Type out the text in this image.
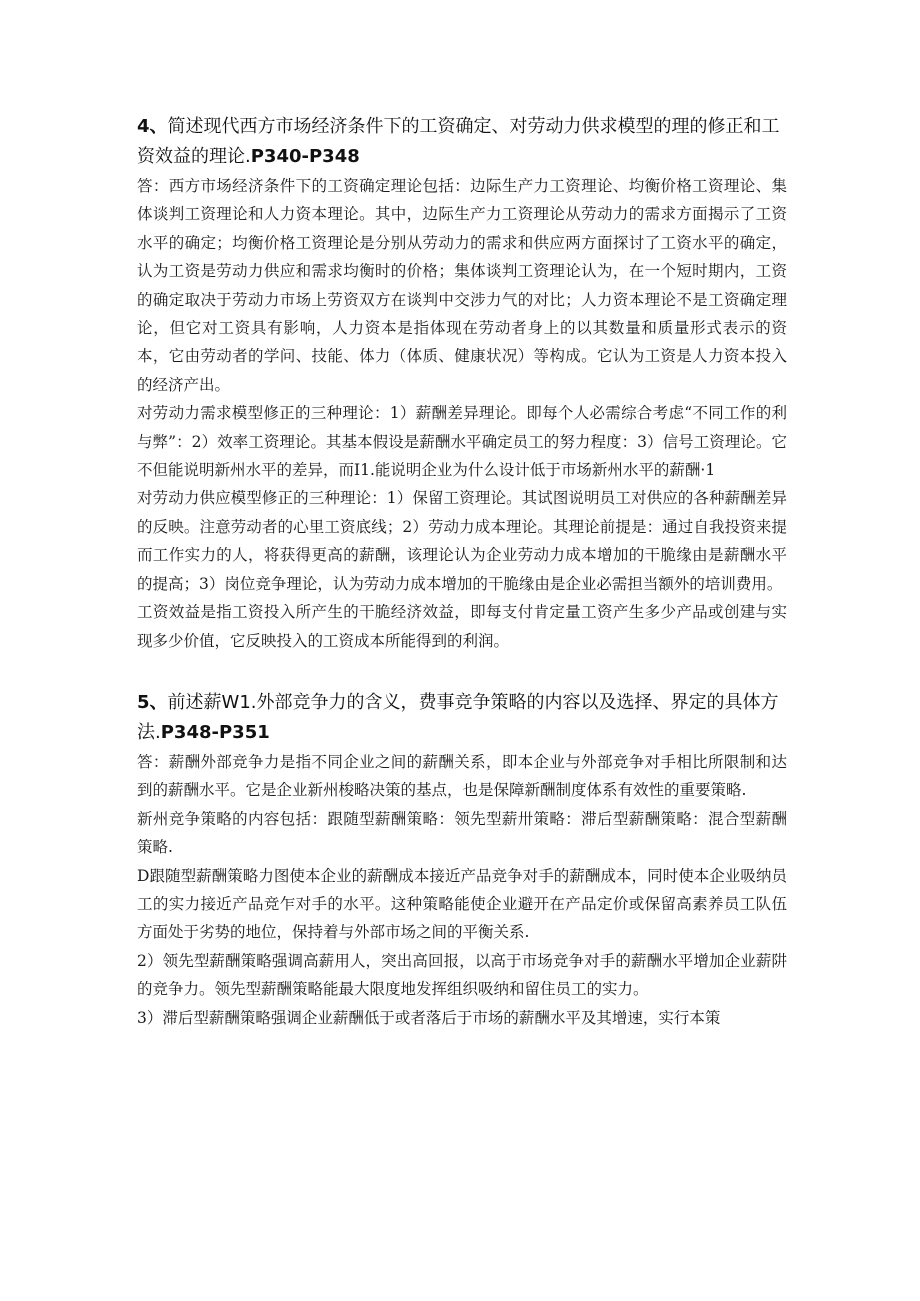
4、简述现代西方市场经济条件下的工资确定、对劳动力供求模型的理的修正和工资效益的理论.P340-P348

答：西方市场经济条件下的工资确定理论包括：边际生产力工资理论、均衡价格工资理论、集体谈判工资理论和人力资本理论。其中，边际生产力工资理论从劳动力的需求方面揭示了工资水平的确定；均衡价格工资理论是分别从劳动力的需求和供应两方面探讨了工资水平的确定，认为工资是劳动力供应和需求均衡时的价格；集体谈判工资理论认为，在一个短时期内，工资的确定取决于劳动力市场上劳资双方在谈判中交涉力气的对比；人力资本理论不是工资确定理论，但它对工资具有影响，人力资本是指体现在劳动者身上的以其数量和质量形式表示的资本，它由劳动者的学问、技能、体力（体质、健康状况）等构成。它认为工资是人力资本投入的经济产出。

对劳动力需求模型修正的三种理论：1）薪酬差异理论。即每个人必需综合考虑“不同工作的利与弊”：2）效率工资理论。其基本假设是薪酬水平确定员工的努力程度：3）信号工资理论。它不但能说明新州水平的差异，而I1.能说明企业为什么设计低于市场新州水平的薪酬·1

对劳动力供应模型修正的三种理论：1）保留工资理论。其试图说明员工对供应的各种薪酬差异的反映。注意劳动者的心里工资底线；2）劳动力成本理论。其理论前提是：通过自我投资来提而工作实力的人，将获得更高的薪酬，该理论认为企业劳动力成本增加的干脆缘由是薪酬水平的提高；3）岗位竞争理论，认为劳动力成本增加的干脆缘由是企业必需担当额外的培训费用。

工资效益是指工资投入所产生的干脆经济效益，即每支付肯定量工资产生多少产品或创建与实现多少价值，它反映投入的工资成本所能得到的利润。

5、前述薪W1.外部竞争力的含义，费事竞争策略的内容以及选择、界定的具体方法.P348-P351

答：薪酬外部竞争力是指不同企业之间的薪酬关系，即本企业与外部竞争对手相比所限制和达到的薪酬水平。它是企业新州梭略决策的基点，也是保障新酬制度体系有效性的重要策略.

新州竞争策略的内容包括：跟随型薪酬策略：领先型薪卅策略：滞后型薪酬策略：混合型薪酬策略.

D跟随型薪酬策略力图使本企业的薪酬成本接近产品竞争对手的薪酬成本，同时使本企业吸纳员工的实力接近产品竞乍对手的水平。这种策略能使企业避开在产品定价或保留高素养员工队伍方面处于劣势的地位，保持着与外部市场之间的平衡关系.

2）领先型薪酬策略强调高薪用人，突出高回报，以高于市场竞争对手的薪酬水平增加企业薪阱的竞争力。领先型薪酬策略能最大限度地发挥组织吸纳和留住员工的实力。

3）滞后型薪酬策略强调企业薪酬低于或者落后于市场的薪酬水平及其增速，实行本策
